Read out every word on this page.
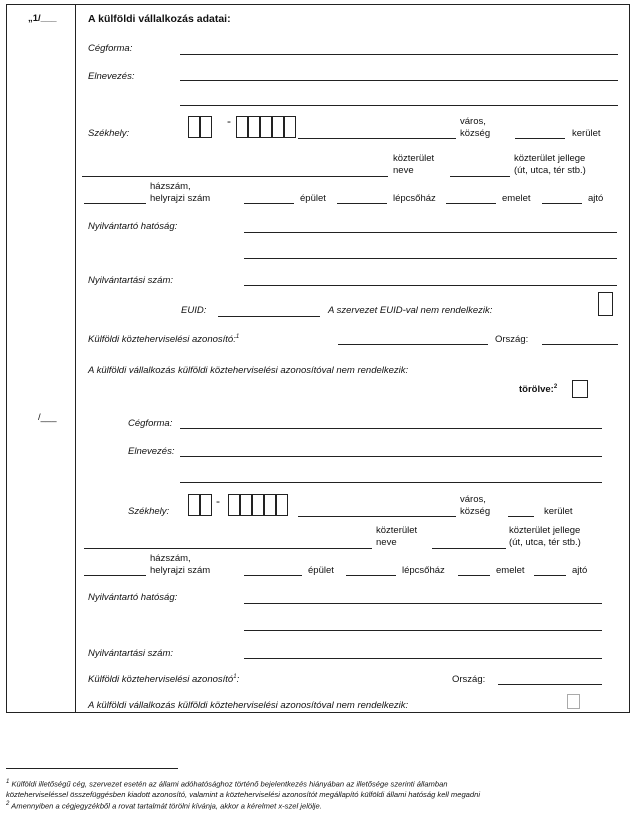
„1/___
/___
A külföldi vállalkozás adatai:
Cégforma:
Elnevezés:
Székhely:
-	város,
község	kerület
közterület
neve
közterület jellege
(út, utca, tér stb.)
házszám,
helyrajzi szám	épület	lépcsőház	emelet	ajtó
Nyilvántartó hatóság:
Nyilvántartási szám:
EUID:	A szervezet EUID-val nem rendelkezik:
Külföldi közteherviselési azonosító:$^1$	Ország:
A külföldi vállalkozás külföldi közteherviselési azonosítóval nem rendelkezik:
törölve:$^2$
Cégforma:
Elnevezés:
Székhely:
-	város,
község	kerület
közterület
neve
közterület jellege
(út, utca, tér stb.)
házszám,
helyrajzi szám	épület	lépcsőház	emelet	ajtó
Nyilvántartó hatóság:
Nyilvántartási szám:
Külföldi közteherviselési azonosító$^1$:	Ország:
A külföldi vállalkozás külföldi közteherviselési azonosítóval nem rendelkezik:
$^1$ Külföldi illetőségű cég, szervezet esetén az állami adóhatósághoz történő bejelentkezés hiányában az illetősége szerinti államban
közteherviseléssel összefüggésben kiadott azonosító, valamint a közteherviselési azonosítót megállapító külföldi állami hatóság kell megadni
$^2$ Amennyiben a cégjegyzékből a rovat tartalmát törölni kívánja, akkor a kérelmet x-szel jelölje.
